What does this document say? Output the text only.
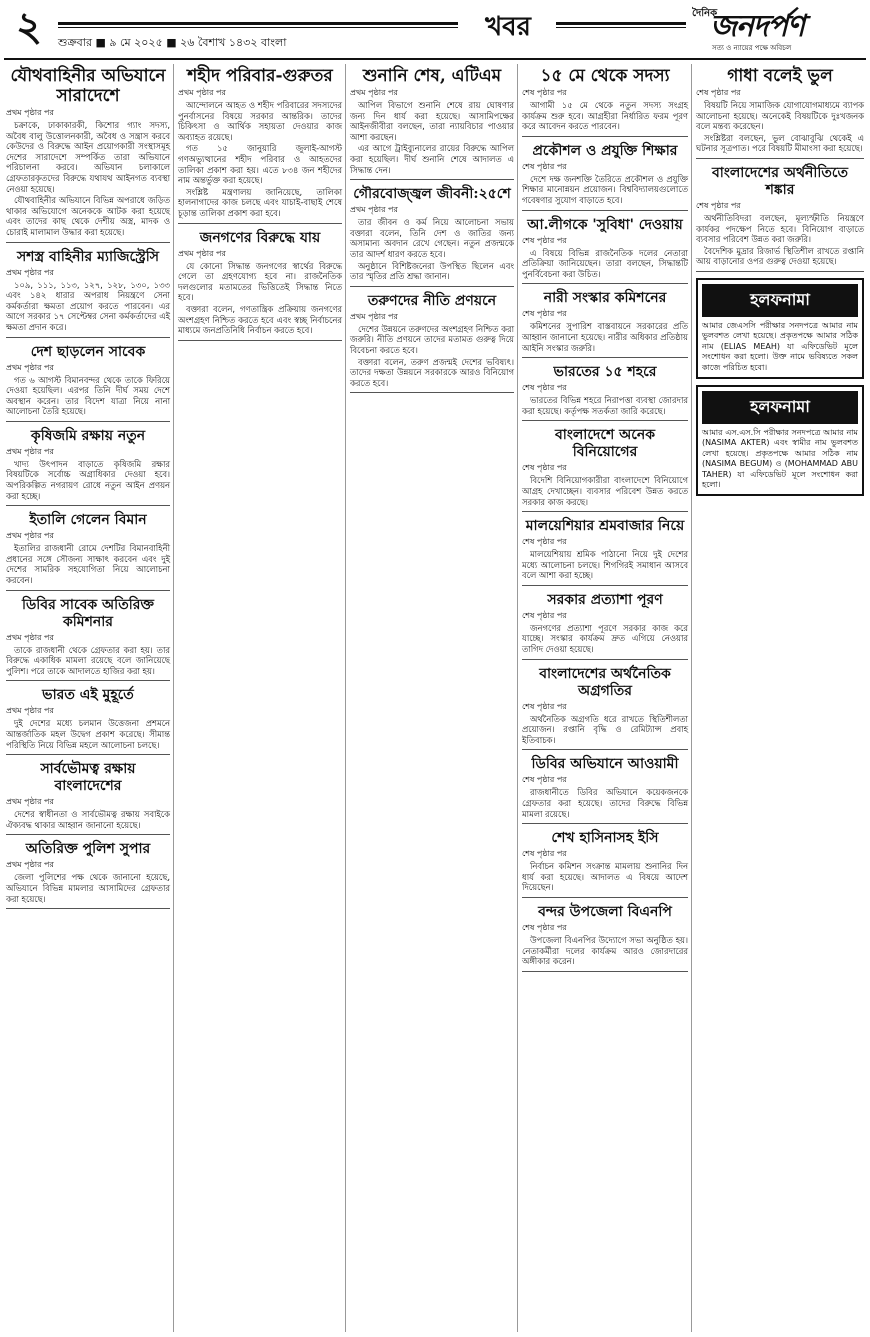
২	শুক্রবার ■ ৯ মে ২০২৫ ■ ২৬ বৈশাখ ১৪৩২ বাংলা
খবর	দৈনিক
জনদর্পণ
সত্য ও ন্যায়ের পক্ষে অবিচল
যৌথবাহিনীর অভিযানে সারাদেশে
প্রথম পৃষ্ঠার পর

চক্রাকে, ঢাকাকারকী, কিশোর গ্যাং সদস্য, অবৈধ বালু উত্তোলনকারী, অবৈধ ও সন্ত্রাস করবে কেউদের ও বিরুদ্ধে আইন প্রয়োগকারী সংস্থাসমূহ দেশের সারাদেশে সম্পর্কিত তারা অভিযানে পরিচালনা করবে। অভিযান চলাকালে গ্রেফতারকৃতদের বিরুদ্ধে যথাযথ আইনগত ব্যবস্থা নেওয়া হয়েছে।

যৌথবাহিনীর অভিযানে বিভিন্ন অপরাধে জড়িত থাকার অভিযোগে অনেককে আটক করা হয়েছে এবং তাদের কাছ থেকে দেশীয় অস্ত্র, মাদক ও চোরাই মালামাল উদ্ধার করা হয়েছে।

সশস্ত্র বাহিনীর ম্যাজিস্ট্রেসি
প্রথম পৃষ্ঠার পর

১০৯, ১১১, ১১৩, ১২৭, ১২৮, ১৩০, ১৩৩ এবং ১৪২ ধারার অপরাধ নিয়ন্ত্রণে সেনা কর্মকর্তারা ক্ষমতা প্রয়োগ করতে পারবেন। এর আগে সরকার ১৭ সেপ্টেম্বর সেনা কর্মকর্তাদের এই ক্ষমতা প্রদান করে।

দেশ ছাড়লেন সাবেক
প্রথম পৃষ্ঠার পর

গত ৬ আগস্ট বিমানবন্দর থেকে তাকে ফিরিয়ে দেওয়া হয়েছিল। এরপর তিনি দীর্ঘ সময় দেশে অবস্থান করেন। তার বিদেশ যাত্রা নিয়ে নানা আলোচনা তৈরি হয়েছে।

কৃষিজমি রক্ষায় নতুন
প্রথম পৃষ্ঠার পর

খাদ্য উৎপাদন বাড়াতে কৃষিজমি রক্ষার বিষয়টিকে সর্বোচ্চ অগ্রাধিকার দেওয়া হবে। অপরিকল্পিত নগরায়ণ রোধে নতুন আইন প্রণয়ন করা হচ্ছে।

ইতালি গেলেন বিমান
প্রথম পৃষ্ঠার পর

ইতালির রাজধানী রোমে দেশটির বিমানবাহিনী প্রধানের সঙ্গে সৌজন্য সাক্ষাৎ করবেন এবং দুই দেশের সামরিক সহযোগিতা নিয়ে আলোচনা করবেন।

ডিবির সাবেক অতিরিক্ত কমিশনার
প্রথম পৃষ্ঠার পর

তাকে রাজধানী থেকে গ্রেফতার করা হয়। তার বিরুদ্ধে একাধিক মামলা রয়েছে বলে জানিয়েছে পুলিশ। পরে তাকে আদালতে হাজির করা হয়।

ভারত এই মুহূর্তে
প্রথম পৃষ্ঠার পর

দুই দেশের মধ্যে চলমান উত্তেজনা প্রশমনে আন্তর্জাতিক মহল উদ্বেগ প্রকাশ করেছে। সীমান্ত পরিস্থিতি নিয়ে বিভিন্ন মহলে আলোচনা চলছে।

সার্বভৌমত্ব রক্ষায় বাংলাদেশের
প্রথম পৃষ্ঠার পর

দেশের স্বাধীনতা ও সার্বভৌমত্ব রক্ষায় সবাইকে ঐক্যবদ্ধ থাকার আহ্বান জানানো হয়েছে।

অতিরিক্ত পুলিশ সুপার
প্রথম পৃষ্ঠার পর

জেলা পুলিশের পক্ষ থেকে জানানো হয়েছে, অভিযানে বিভিন্ন মামলার আসামিদের গ্রেফতার করা হয়েছে।

শহীদ পরিবার-গুরুতর
প্রথম পৃষ্ঠার পর

আন্দোলনে আহত ও শহীদ পরিবারের সদস্যদের পুনর্বাসনের বিষয়ে সরকার আন্তরিক। তাদের চিকিৎসা ও আর্থিক সহায়তা দেওয়ার কাজ অব্যাহত রয়েছে।

গত ১৫ জানুয়ারি জুলাই-আগস্ট গণঅভ্যুত্থানের শহীদ পরিবার ও আহতদের তালিকা প্রকাশ করা হয়। এতে ৮৩৪ জন শহীদের নাম অন্তর্ভুক্ত করা হয়েছে।

সংশ্লিষ্ট মন্ত্রণালয় জানিয়েছে, তালিকা হালনাগাদের কাজ চলছে এবং যাচাই-বাছাই শেষে চূড়ান্ত তালিকা প্রকাশ করা হবে।

জনগণের বিরুদ্ধে যায়
প্রথম পৃষ্ঠার পর

যে কোনো সিদ্ধান্ত জনগণের স্বার্থের বিরুদ্ধে গেলে তা গ্রহণযোগ্য হবে না। রাজনৈতিক দলগুলোর মতামতের ভিত্তিতেই সিদ্ধান্ত নিতে হবে।

বক্তারা বলেন, গণতান্ত্রিক প্রক্রিয়ায় জনগণের অংশগ্রহণ নিশ্চিত করতে হবে এবং স্বচ্ছ নির্বাচনের মাধ্যমে জনপ্রতিনিধি নির্বাচন করতে হবে।

শুনানি শেষ, এটিএম
প্রথম পৃষ্ঠার পর

আপিল বিভাগে শুনানি শেষে রায় ঘোষণার জন্য দিন ধার্য করা হয়েছে। আসামিপক্ষের আইনজীবীরা বলছেন, তারা ন্যায়বিচার পাওয়ার আশা করছেন।

এর আগে ট্রাইব্যুনালের রায়ের বিরুদ্ধে আপিল করা হয়েছিল। দীর্ঘ শুনানি শেষে আদালত এ সিদ্ধান্ত দেন।

গৌরবোজ্জ্বল জীবনী:২৫শে
প্রথম পৃষ্ঠার পর

তার জীবন ও কর্ম নিয়ে আলোচনা সভায় বক্তারা বলেন, তিনি দেশ ও জাতির জন্য অসামান্য অবদান রেখে গেছেন। নতুন প্রজন্মকে তার আদর্শ ধারণ করতে হবে।

অনুষ্ঠানে বিশিষ্টজনেরা উপস্থিত ছিলেন এবং তার স্মৃতির প্রতি শ্রদ্ধা জানান।

তরুণদের নীতি প্রণয়নে
প্রথম পৃষ্ঠার পর

দেশের উন্নয়নে তরুণদের অংশগ্রহণ নিশ্চিত করা জরুরি। নীতি প্রণয়নে তাদের মতামত গুরুত্ব দিয়ে বিবেচনা করতে হবে।

বক্তারা বলেন, তরুণ প্রজন্মই দেশের ভবিষ্যৎ। তাদের দক্ষতা উন্নয়নে সরকারকে আরও বিনিয়োগ করতে হবে।

১৫ মে থেকে সদস্য
শেষ পৃষ্ঠার পর

আগামী ১৫ মে থেকে নতুন সদস্য সংগ্রহ কার্যক্রম শুরু হবে। আগ্রহীরা নির্ধারিত ফরম পূরণ করে আবেদন করতে পারবেন।

প্রকৌশল ও প্রযুক্তি শিক্ষার
শেষ পৃষ্ঠার পর

দেশে দক্ষ জনশক্তি তৈরিতে প্রকৌশল ও প্রযুক্তি শিক্ষার মানোন্নয়ন প্রয়োজন। বিশ্ববিদ্যালয়গুলোতে গবেষণার সুযোগ বাড়াতে হবে।

আ.লীগকে 'সুবিধা' দেওয়ায়
শেষ পৃষ্ঠার পর

এ বিষয়ে বিভিন্ন রাজনৈতিক দলের নেতারা প্রতিক্রিয়া জানিয়েছেন। তারা বলছেন, সিদ্ধান্তটি পুনর্বিবেচনা করা উচিত।

নারী সংস্কার কমিশনের
শেষ পৃষ্ঠার পর

কমিশনের সুপারিশ বাস্তবায়নে সরকারের প্রতি আহ্বান জানানো হয়েছে। নারীর অধিকার প্রতিষ্ঠায় আইনি সংস্কার জরুরি।

ভারতের ১৫ শহরে
শেষ পৃষ্ঠার পর

ভারতের বিভিন্ন শহরে নিরাপত্তা ব্যবস্থা জোরদার করা হয়েছে। কর্তৃপক্ষ সতর্কতা জারি করেছে।

বাংলাদেশে অনেক বিনিয়োগের
শেষ পৃষ্ঠার পর

বিদেশি বিনিয়োগকারীরা বাংলাদেশে বিনিয়োগে আগ্রহ দেখাচ্ছেন। ব্যবসার পরিবেশ উন্নত করতে সরকার কাজ করছে।

মালয়েশিয়ার শ্রমবাজার নিয়ে
শেষ পৃষ্ঠার পর

মালয়েশিয়ায় শ্রমিক পাঠানো নিয়ে দুই দেশের মধ্যে আলোচনা চলছে। শিগগিরই সমাধান আসবে বলে আশা করা হচ্ছে।

সরকার প্রত্যাশা পূরণ
শেষ পৃষ্ঠার পর

জনগণের প্রত্যাশা পূরণে সরকার কাজ করে যাচ্ছে। সংস্কার কার্যক্রম দ্রুত এগিয়ে নেওয়ার তাগিদ দেওয়া হয়েছে।

বাংলাদেশের অর্থনৈতিক অগ্রগতির
শেষ পৃষ্ঠার পর

অর্থনৈতিক অগ্রগতি ধরে রাখতে স্থিতিশীলতা প্রয়োজন। রপ্তানি বৃদ্ধি ও রেমিট্যান্স প্রবাহ ইতিবাচক।

ডিবির অভিযানে আওয়ামী
শেষ পৃষ্ঠার পর

রাজধানীতে ডিবির অভিযানে কয়েকজনকে গ্রেফতার করা হয়েছে। তাদের বিরুদ্ধে বিভিন্ন মামলা রয়েছে।

শেখ হাসিনাসহ ইসি
শেষ পৃষ্ঠার পর

নির্বাচন কমিশন সংক্রান্ত মামলায় শুনানির দিন ধার্য করা হয়েছে। আদালত এ বিষয়ে আদেশ দিয়েছেন।

বন্দর উপজেলা বিএনপি
শেষ পৃষ্ঠার পর

উপজেলা বিএনপির উদ্যোগে সভা অনুষ্ঠিত হয়। নেতাকর্মীরা দলের কার্যক্রম আরও জোরদারের অঙ্গীকার করেন।

গাধা বলেই ভুল
শেষ পৃষ্ঠার পর

বিষয়টি নিয়ে সামাজিক যোগাযোগমাধ্যমে ব্যাপক আলোচনা হয়েছে। অনেকেই বিষয়টিকে দুঃখজনক বলে মন্তব্য করেছেন।

সংশ্লিষ্টরা বলছেন, ভুল বোঝাবুঝি থেকেই এ ঘটনার সূত্রপাত। পরে বিষয়টি মীমাংসা করা হয়েছে।

বাংলাদেশের অর্থনীতিতে শঙ্কার
শেষ পৃষ্ঠার পর

অর্থনীতিবিদরা বলছেন, মূল্যস্ফীতি নিয়ন্ত্রণে কার্যকর পদক্ষেপ নিতে হবে। বিনিয়োগ বাড়াতে ব্যবসার পরিবেশ উন্নত করা জরুরি।

বৈদেশিক মুদ্রার রিজার্ভ স্থিতিশীল রাখতে রপ্তানি আয় বাড়ানোর ওপর গুরুত্ব দেওয়া হয়েছে।

হলফনামা
আমার জেএসসি পরীক্ষার সনদপত্রে আমার নাম ভুলবশত লেখা হয়েছে। প্রকৃতপক্ষে আমার সঠিক নাম (ELIAS MEAH) যা এফিডেভিট মূলে সংশোধন করা হলো। উক্ত নামে ভবিষ্যতে সকল কাজে পরিচিত হবো।
হলফনামা
আমার এস.এস.সি পরীক্ষার সনদপত্রে আমার নাম (NASIMA AKTER) এবং স্বামীর নাম ভুলবশত লেখা হয়েছে। প্রকৃতপক্ষে আমার সঠিক নাম (NASIMA BEGUM) ও (MOHAMMAD ABU TAHER) যা এফিডেভিট মূলে সংশোধন করা হলো।
